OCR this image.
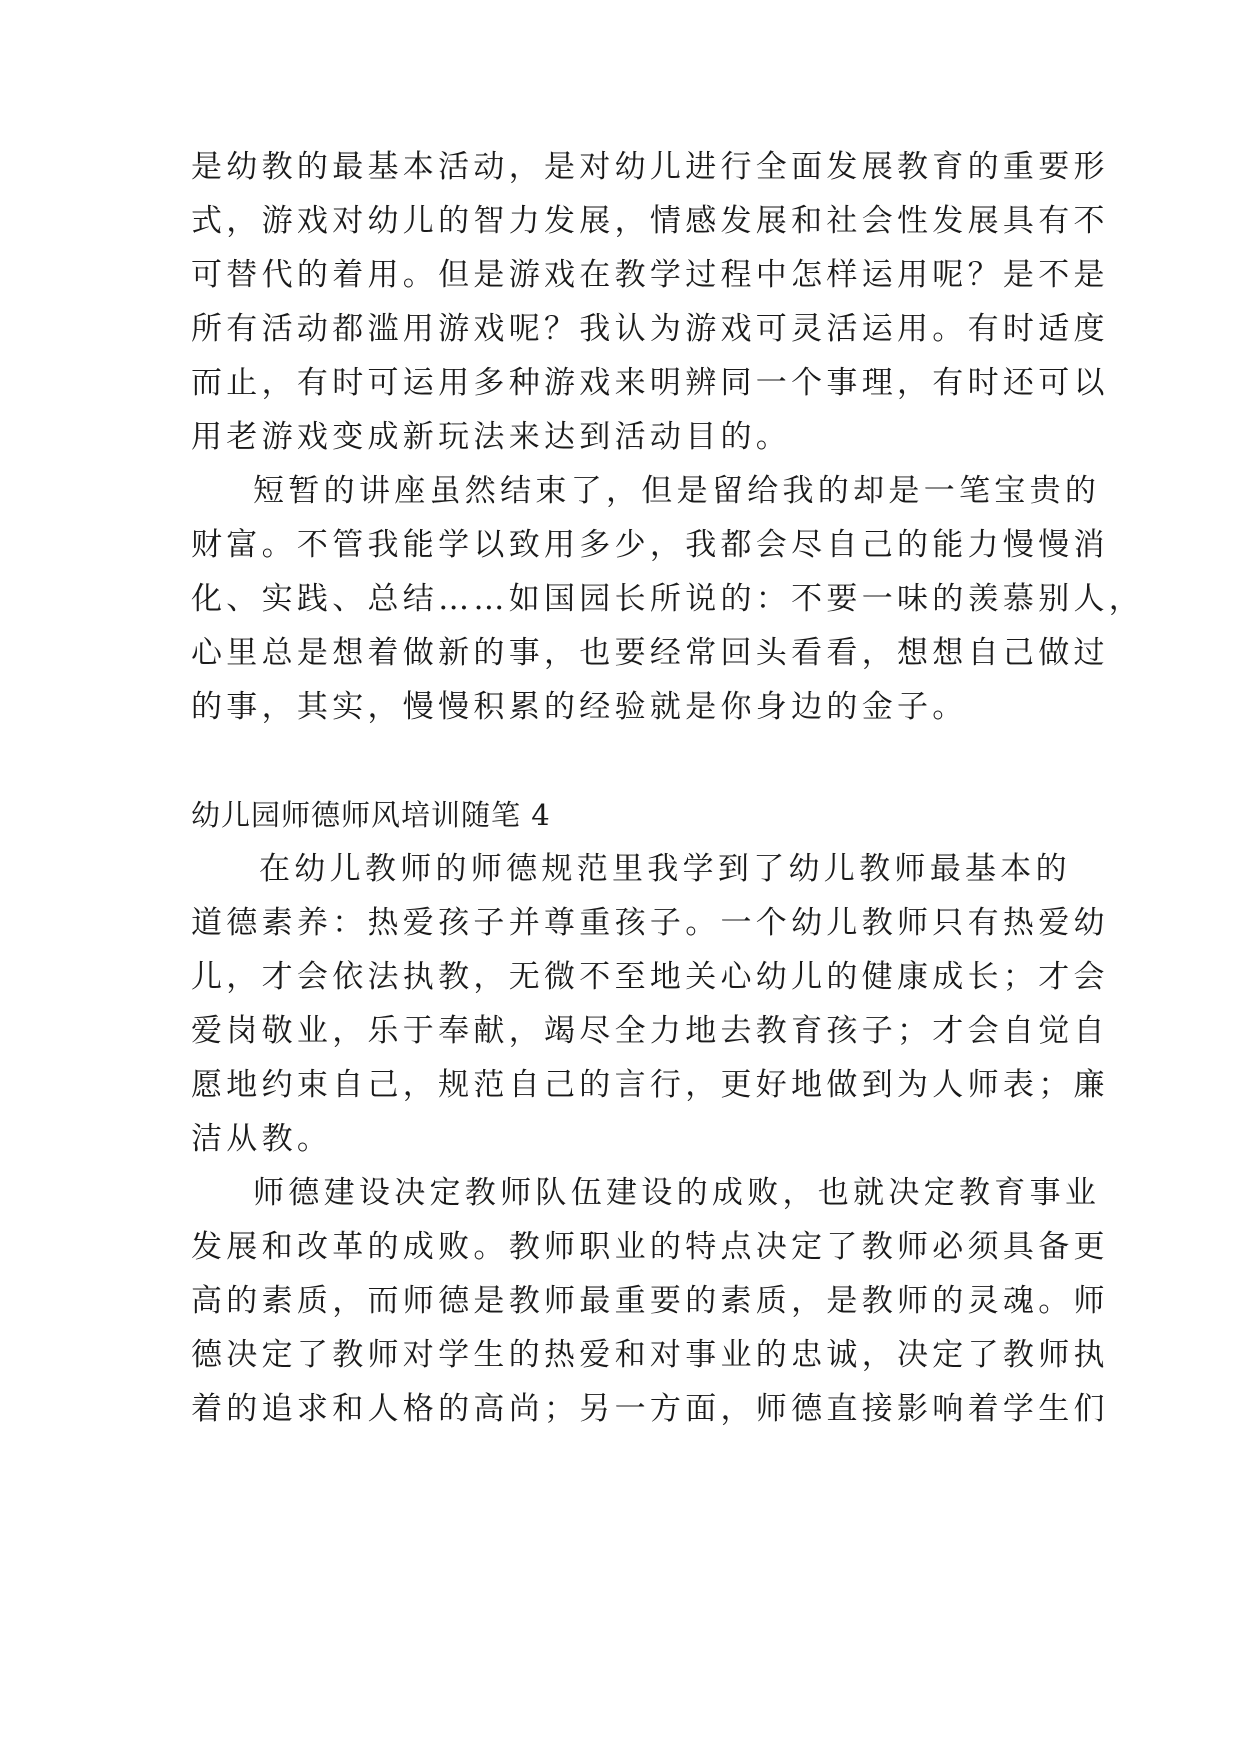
是幼教的最基本活动，是对幼儿进行全面发展教育的重要形
式，游戏对幼儿的智力发展，情感发展和社会性发展具有不
可替代的着用。但是游戏在教学过程中怎样运用呢？是不是
所有活动都滥用游戏呢？我认为游戏可灵活运用。有时适度
而止，有时可运用多种游戏来明辨同一个事理，有时还可以
用老游戏变成新玩法来达到活动目的。
短暂的讲座虽然结束了，但是留给我的却是一笔宝贵的
财富。不管我能学以致用多少，我都会尽自己的能力慢慢消
化、实践、总结……如国园长所说的：不要一味的羡慕别人，
心里总是想着做新的事，也要经常回头看看，想想自己做过
的事，其实，慢慢积累的经验就是你身边的金子。
幼儿园师德师风培训随笔 4
在幼儿教师的师德规范里我学到了幼儿教师最基本的
道德素养：热爱孩子并尊重孩子。一个幼儿教师只有热爱幼
儿，才会依法执教，无微不至地关心幼儿的健康成长；才会
爱岗敬业，乐于奉献，竭尽全力地去教育孩子；才会自觉自
愿地约束自己，规范自己的言行，更好地做到为人师表；廉
洁从教。
师德建设决定教师队伍建设的成败，也就决定教育事业
发展和改革的成败。教师职业的特点决定了教师必须具备更
高的素质，而师德是教师最重要的素质，是教师的灵魂。师
德决定了教师对学生的热爱和对事业的忠诚，决定了教师执
着的追求和人格的高尚；另一方面，师德直接影响着学生们
